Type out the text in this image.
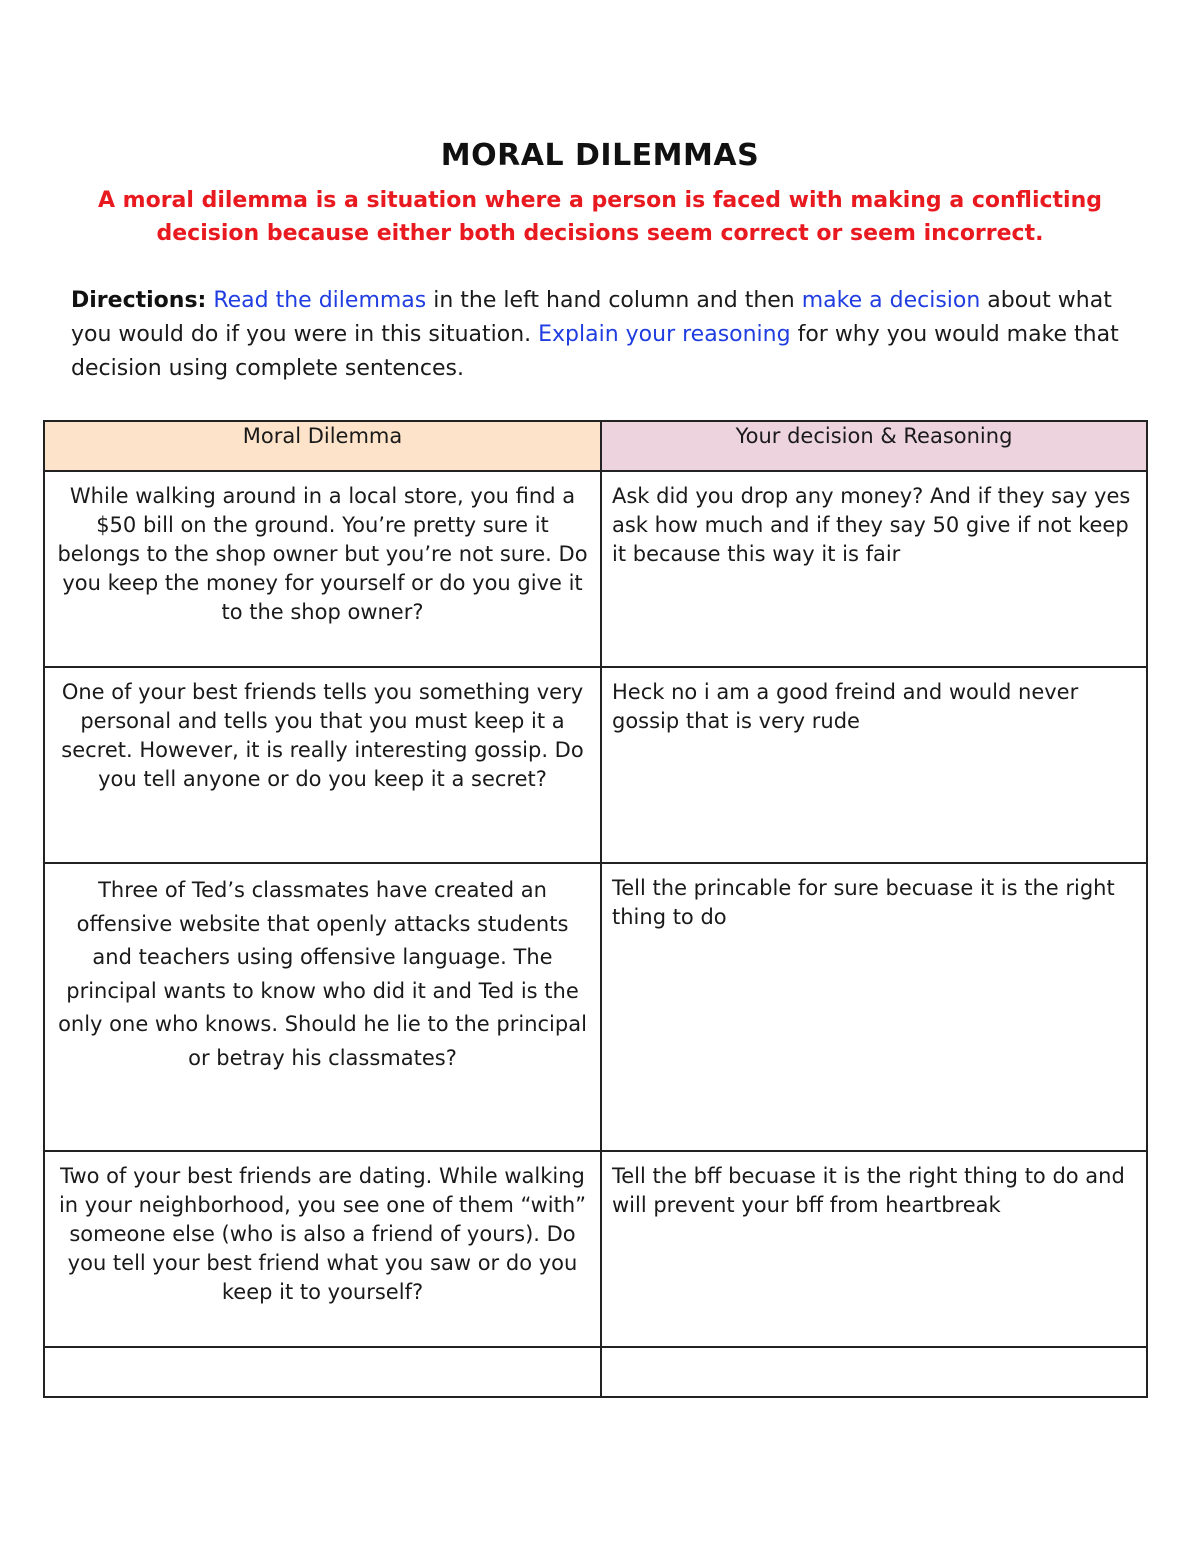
MORAL DILEMMAS

A moral dilemma is a situation where a person is faced with making a conflicting decision because either both decisions seem correct or seem incorrect.

Directions: Read the dilemmas in the left hand column and then make a decision about what you would do if you were in this situation. Explain your reasoning for why you would make that decision using complete sentences.

Moral Dilemma	Your decision & Reasoning
While walking around in a local store, you find a $50 bill on the ground. You’re pretty sure it belongs to the shop owner but you’re not sure. Do you keep the money for yourself or do you give it to the shop owner?	Ask did you drop any money? And if they say yes ask how much and if they say 50 give if not keep it because this way it is fair
One of your best friends tells you something very personal and tells you that you must keep it a secret. However, it is really interesting gossip. Do you tell anyone or do you keep it a secret?	Heck no i am a good freind and would never gossip that is very rude
Three of Ted’s classmates have created an offensive website that openly attacks students and teachers using offensive language. The principal wants to know who did it and Ted is the only one who knows. Should he lie to the principal or betray his classmates?	Tell the princable for sure becuase it is the right thing to do
Two of your best friends are dating. While walking in your neighborhood, you see one of them “with” someone else (who is also a friend of yours). Do you tell your best friend what you saw or do you keep it to yourself?	Tell the bff becuase it is the right thing to do and will prevent your bff from heartbreak
